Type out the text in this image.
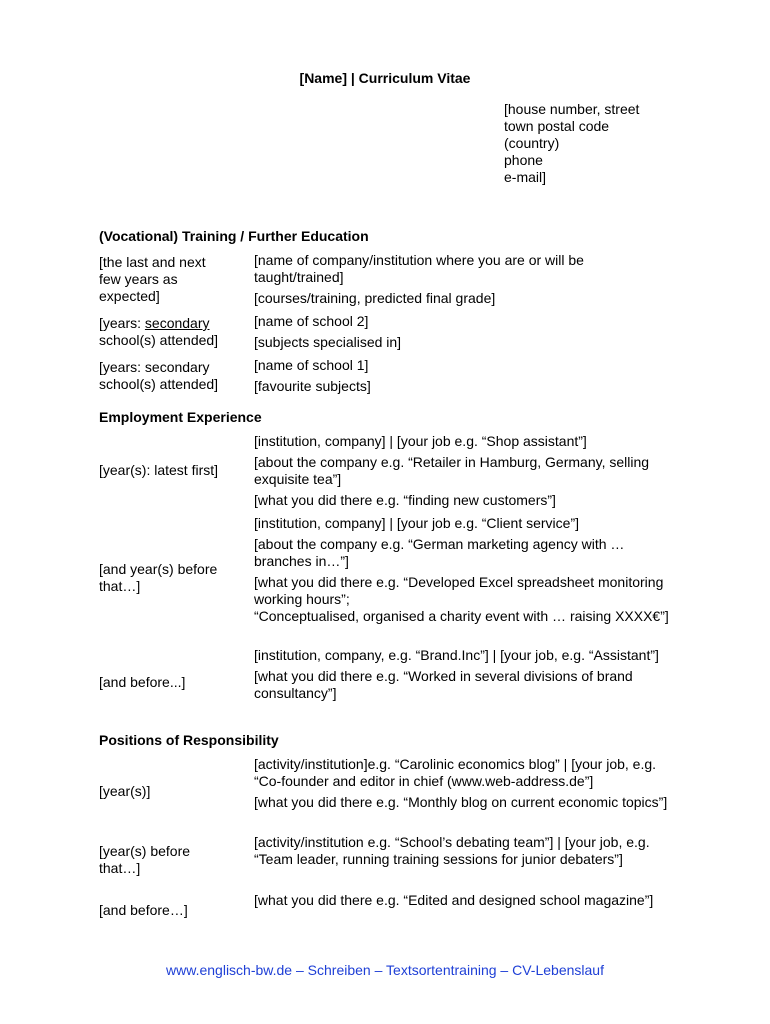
[Name] | Curriculum Vitae
[house number, street
town postal code
(country)
phone
e-mail]
(Vocational) Training / Further Education
[the last and next few years as expected]

[name of company/institution where you are or will be taught/trained]

[courses/training, predicted final grade]

[years: secondary school(s) attended]

[name of school 2]

[subjects specialised in]

[years: secondary school(s) attended]

[name of school 1]

[favourite subjects]

Employment Experience
[year(s): latest first]

[institution, company] | [your job e.g. “Shop assistant”]

[about the company e.g. “Retailer in Hamburg, Germany, selling exquisite tea”]

[what you did there e.g. “finding new customers”]

[and year(s) before that…]

[institution, company] | [your job e.g. “Client service”]

[about the company e.g. “German marketing agency with … branches in…”]

[what you did there e.g. “Developed Excel spreadsheet monitoring working hours”;

“Conceptualised, organised a charity event with … raising XXXX€”]

[and before...]

[institution, company, e.g. “Brand.Inc”] | [your job, e.g. “Assistant”]

[what you did there e.g. “Worked in several divisions of brand consultancy”]

Positions of Responsibility
[year(s)]

[activity/institution]e.g. “Carolinic economics blog” | [your job, e.g. “Co-founder and editor in chief (www.web-address.de”]

[what you did there e.g. “Monthly blog on current economic topics”]

[year(s) before that…]

[activity/institution e.g. “School’s debating team”] | [your job, e.g. “Team leader, running training sessions for junior debaters”]

[and before…]

[what you did there e.g. “Edited and designed school magazine”]

www.englisch-bw.de – Schreiben – Textsortentraining – CV-Lebenslauf
